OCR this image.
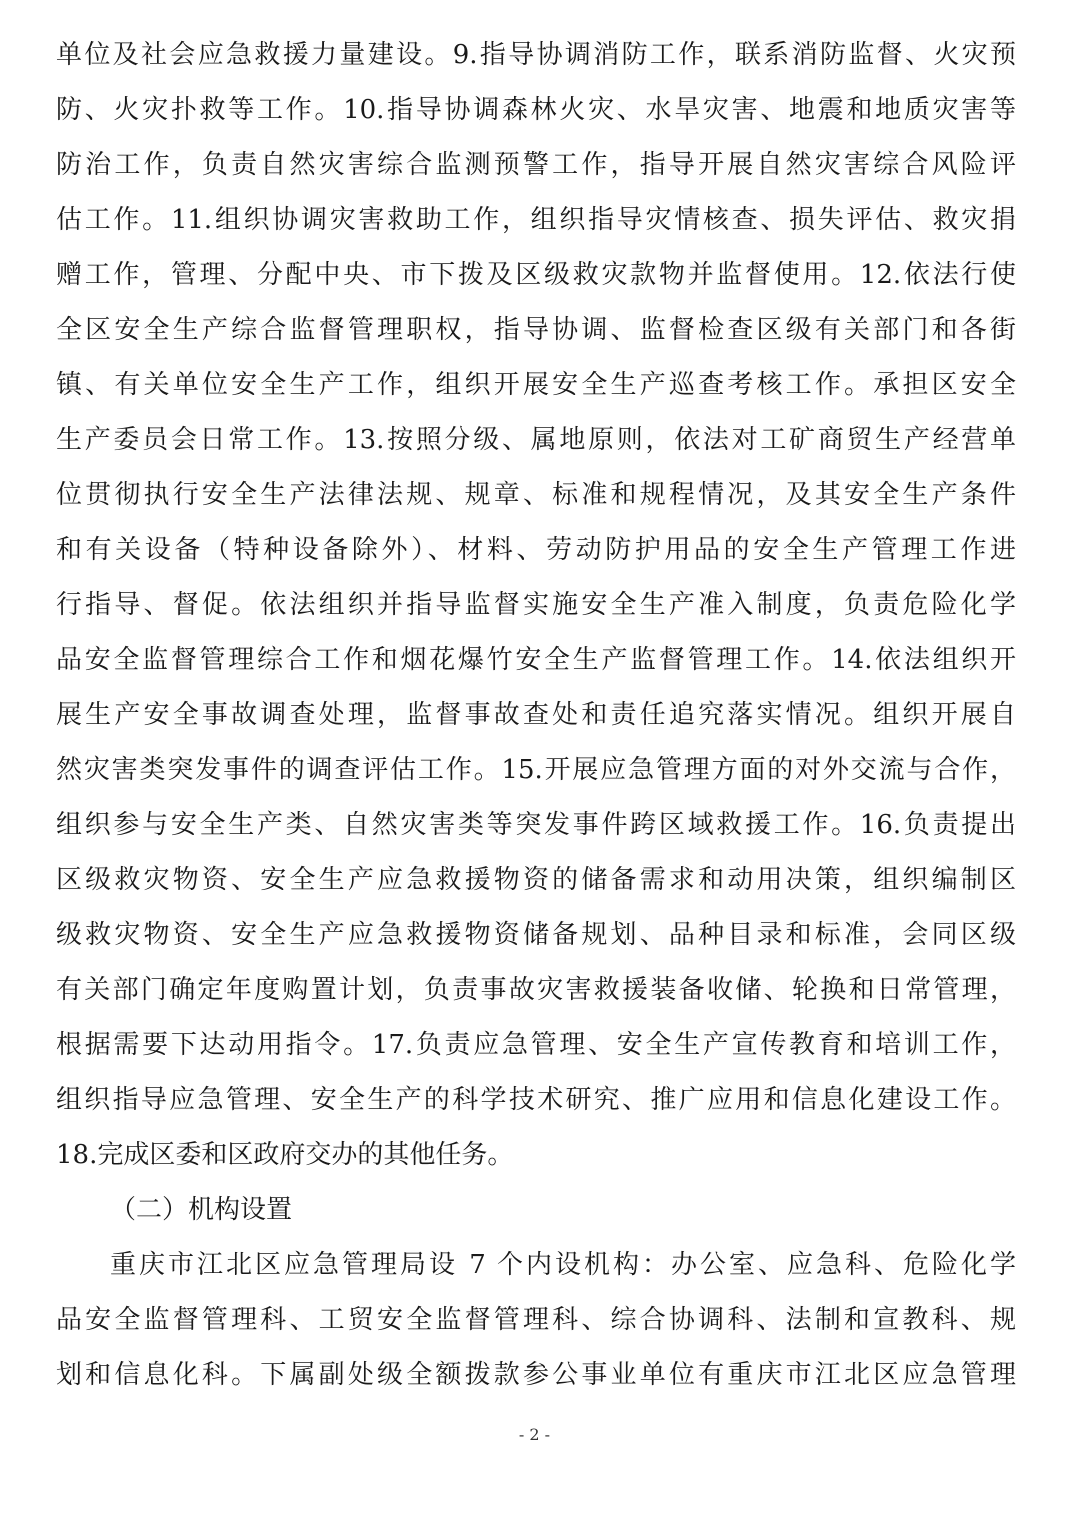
单位及社会应急救援力量建设。9.指导协调消防工作，联系消防监督、火灾预
防、火灾扑救等工作。10.指导协调森林火灾、水旱灾害、地震和地质灾害等
防治工作，负责自然灾害综合监测预警工作，指导开展自然灾害综合风险评
估工作。11.组织协调灾害救助工作，组织指导灾情核查、损失评估、救灾捐
赠工作，管理、分配中央、市下拨及区级救灾款物并监督使用。12.依法行使
全区安全生产综合监督管理职权，指导协调、监督检查区级有关部门和各街
镇、有关单位安全生产工作，组织开展安全生产巡查考核工作。承担区安全
生产委员会日常工作。13.按照分级、属地原则，依法对工矿商贸生产经营单
位贯彻执行安全生产法律法规、规章、标准和规程情况，及其安全生产条件
和有关设备（特种设备除外）、材料、劳动防护用品的安全生产管理工作进
行指导、督促。依法组织并指导监督实施安全生产准入制度，负责危险化学
品安全监督管理综合工作和烟花爆竹安全生产监督管理工作。14.依法组织开
展生产安全事故调查处理，监督事故查处和责任追究落实情况。组织开展自
然灾害类突发事件的调查评估工作。15.开展应急管理方面的对外交流与合作，
组织参与安全生产类、自然灾害类等突发事件跨区域救援工作。16.负责提出
区级救灾物资、安全生产应急救援物资的储备需求和动用决策，组织编制区
级救灾物资、安全生产应急救援物资储备规划、品种目录和标准，会同区级
有关部门确定年度购置计划，负责事故灾害救援装备收储、轮换和日常管理，
根据需要下达动用指令。17.负责应急管理、安全生产宣传教育和培训工作，
组织指导应急管理、安全生产的科学技术研究、推广应用和信息化建设工作。
18.完成区委和区政府交办的其他任务。
（二）机构设置
重庆市江北区应急管理局设 7 个内设机构：办公室、应急科、危险化学
品安全监督管理科、工贸安全监督管理科、综合协调科、法制和宣教科、规
划和信息化科。下属副处级全额拨款参公事业单位有重庆市江北区应急管理
- 2 -
